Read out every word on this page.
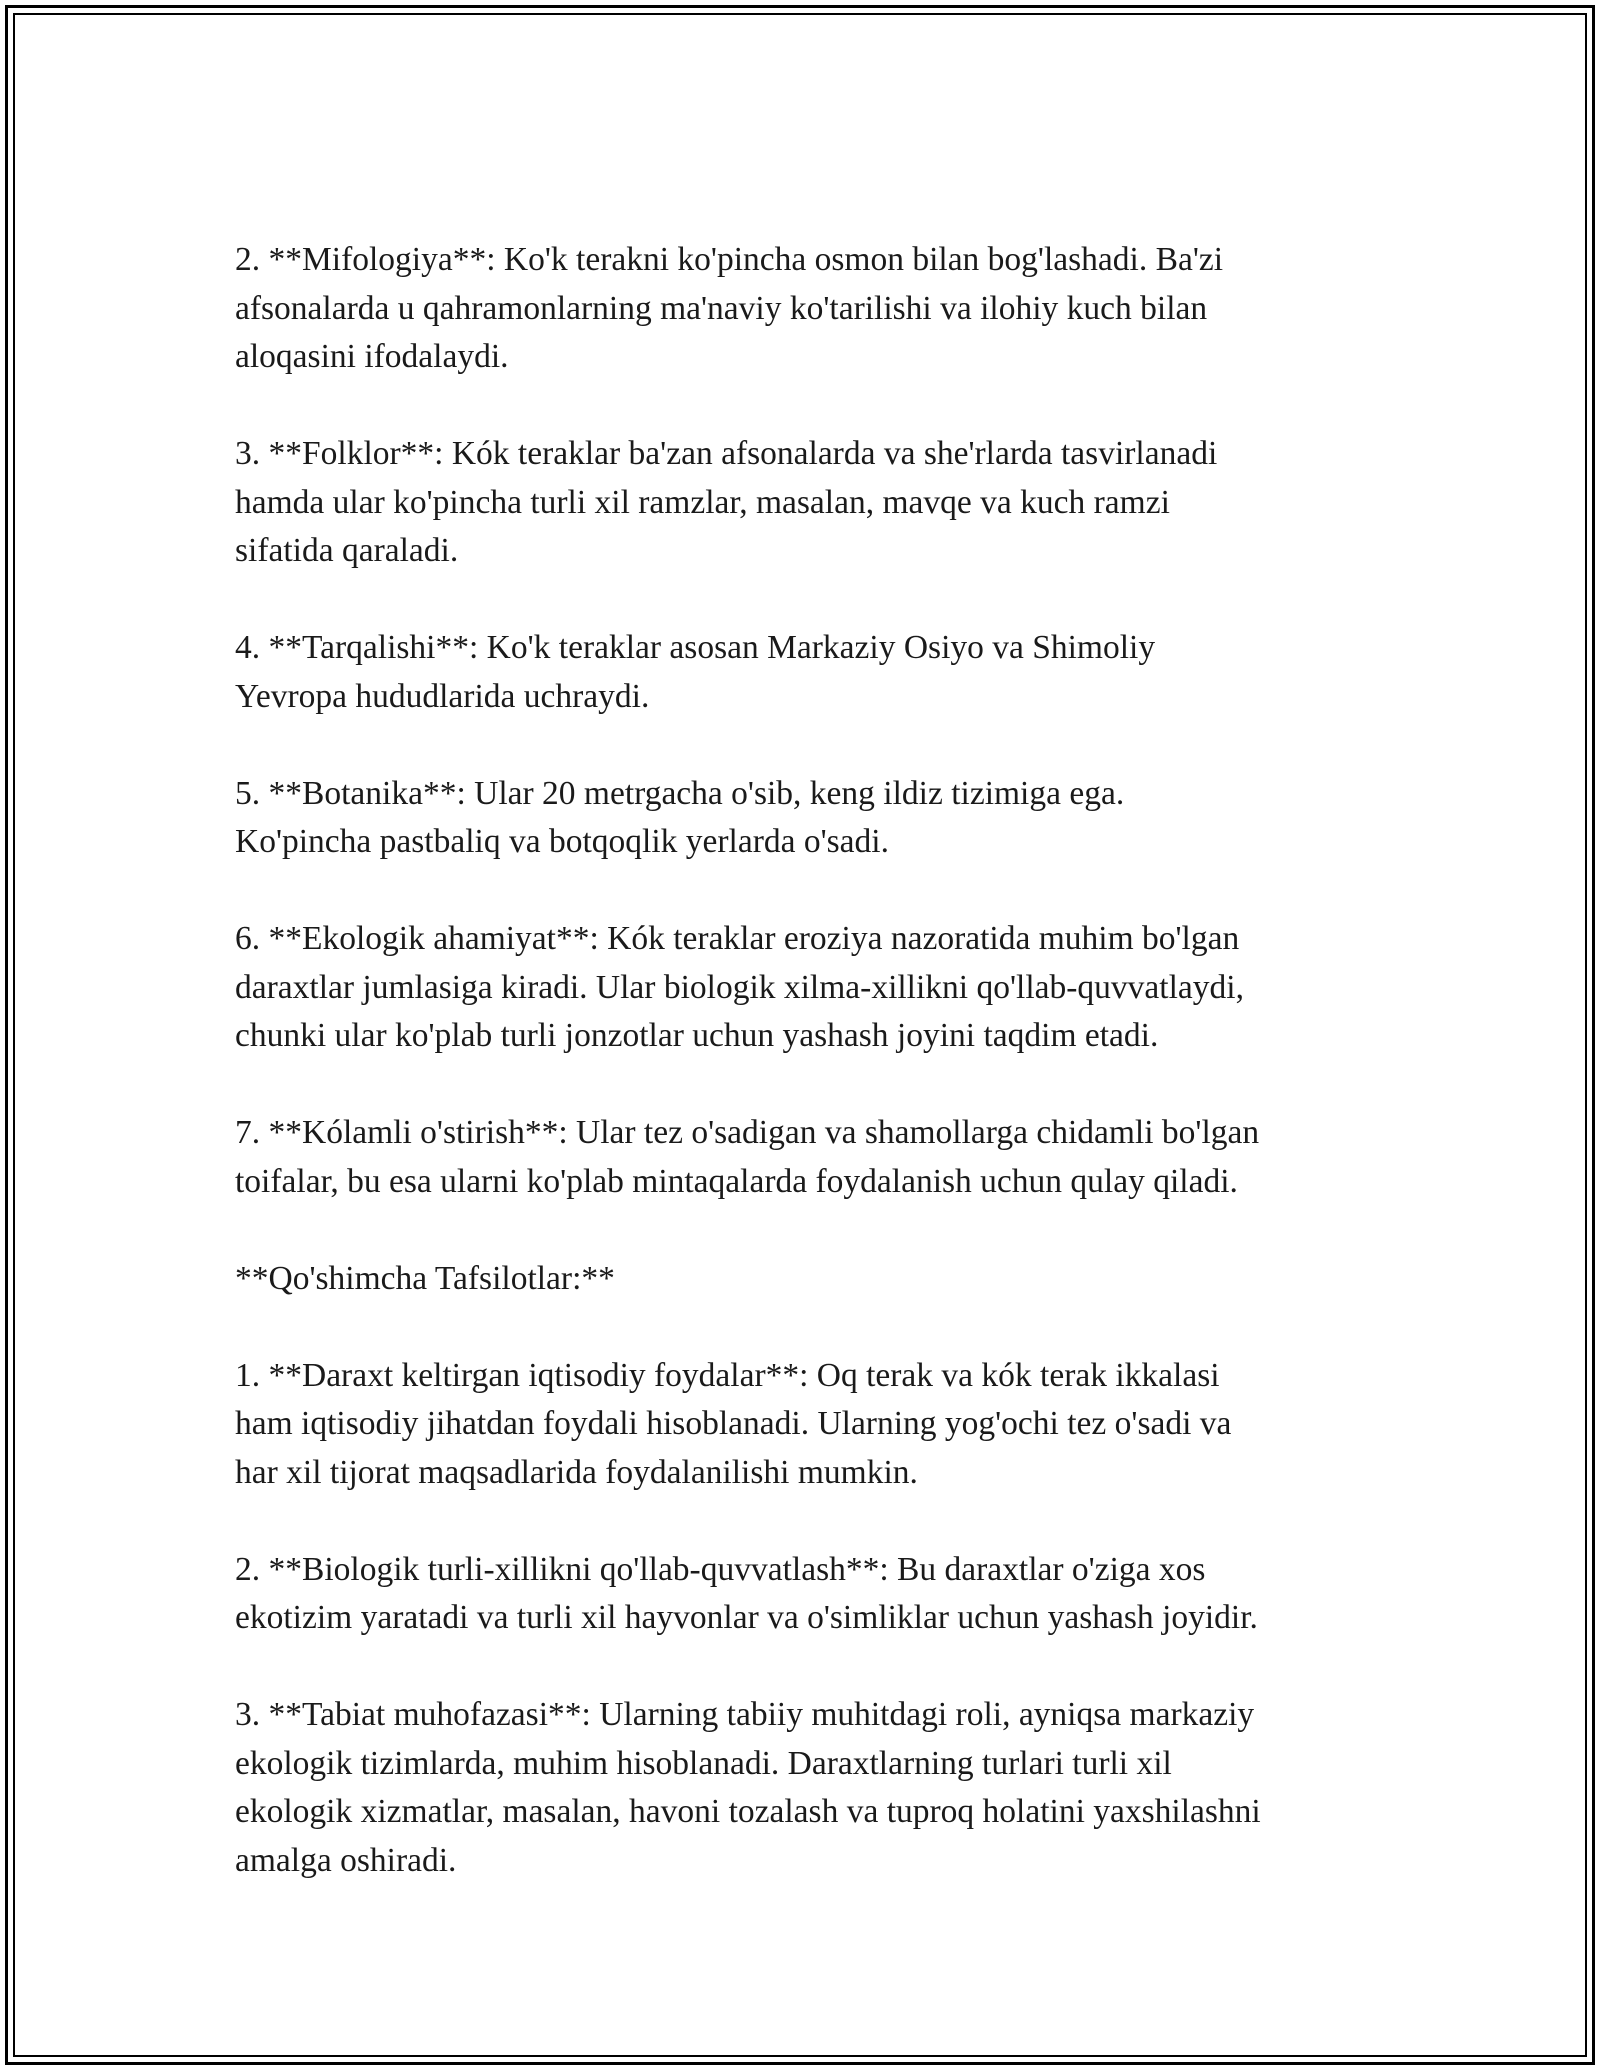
2. **Mifologiya**: Ko'k terakni ko'pincha osmon bilan bog'lashadi. Ba'zi
afsonalarda u qahramonlarning ma'naviy ko'tarilishi va ilohiy kuch bilan
aloqasini ifodalaydi.

3. **Folklor**: Kók teraklar ba'zan afsonalarda va she'rlarda tasvirlanadi
hamda ular ko'pincha turli xil ramzlar, masalan, mavqe va kuch ramzi
sifatida qaraladi.

4. **Tarqalishi**: Ko'k teraklar asosan Markaziy Osiyo va Shimoliy
Yevropa hududlarida uchraydi.

5. **Botanika**: Ular 20 metrgacha o'sib, keng ildiz tizimiga ega.
Ko'pincha pastbaliq va botqoqlik yerlarda o'sadi.

6. **Ekologik ahamiyat**: Kók teraklar eroziya nazoratida muhim bo'lgan
daraxtlar jumlasiga kiradi. Ular biologik xilma-xillikni qo'llab-quvvatlaydi,
chunki ular ko'plab turli jonzotlar uchun yashash joyini taqdim etadi.

7. **Kólamli o'stirish**: Ular tez o'sadigan va shamollarga chidamli bo'lgan
toifalar, bu esa ularni ko'plab mintaqalarda foydalanish uchun qulay qiladi.

**Qo'shimcha Tafsilotlar:**

1. **Daraxt keltirgan iqtisodiy foydalar**: Oq terak va kók terak ikkalasi
ham iqtisodiy jihatdan foydali hisoblanadi. Ularning yog'ochi tez o'sadi va
har xil tijorat maqsadlarida foydalanilishi mumkin.

2. **Biologik turli-xillikni qo'llab-quvvatlash**: Bu daraxtlar o'ziga xos
ekotizim yaratadi va turli xil hayvonlar va o'simliklar uchun yashash joyidir.

3. **Tabiat muhofazasi**: Ularning tabiiy muhitdagi roli, ayniqsa markaziy
ekologik tizimlarda, muhim hisoblanadi. Daraxtlarning turlari turli xil
ekologik xizmatlar, masalan, havoni tozalash va tuproq holatini yaxshilashni
amalga oshiradi.
